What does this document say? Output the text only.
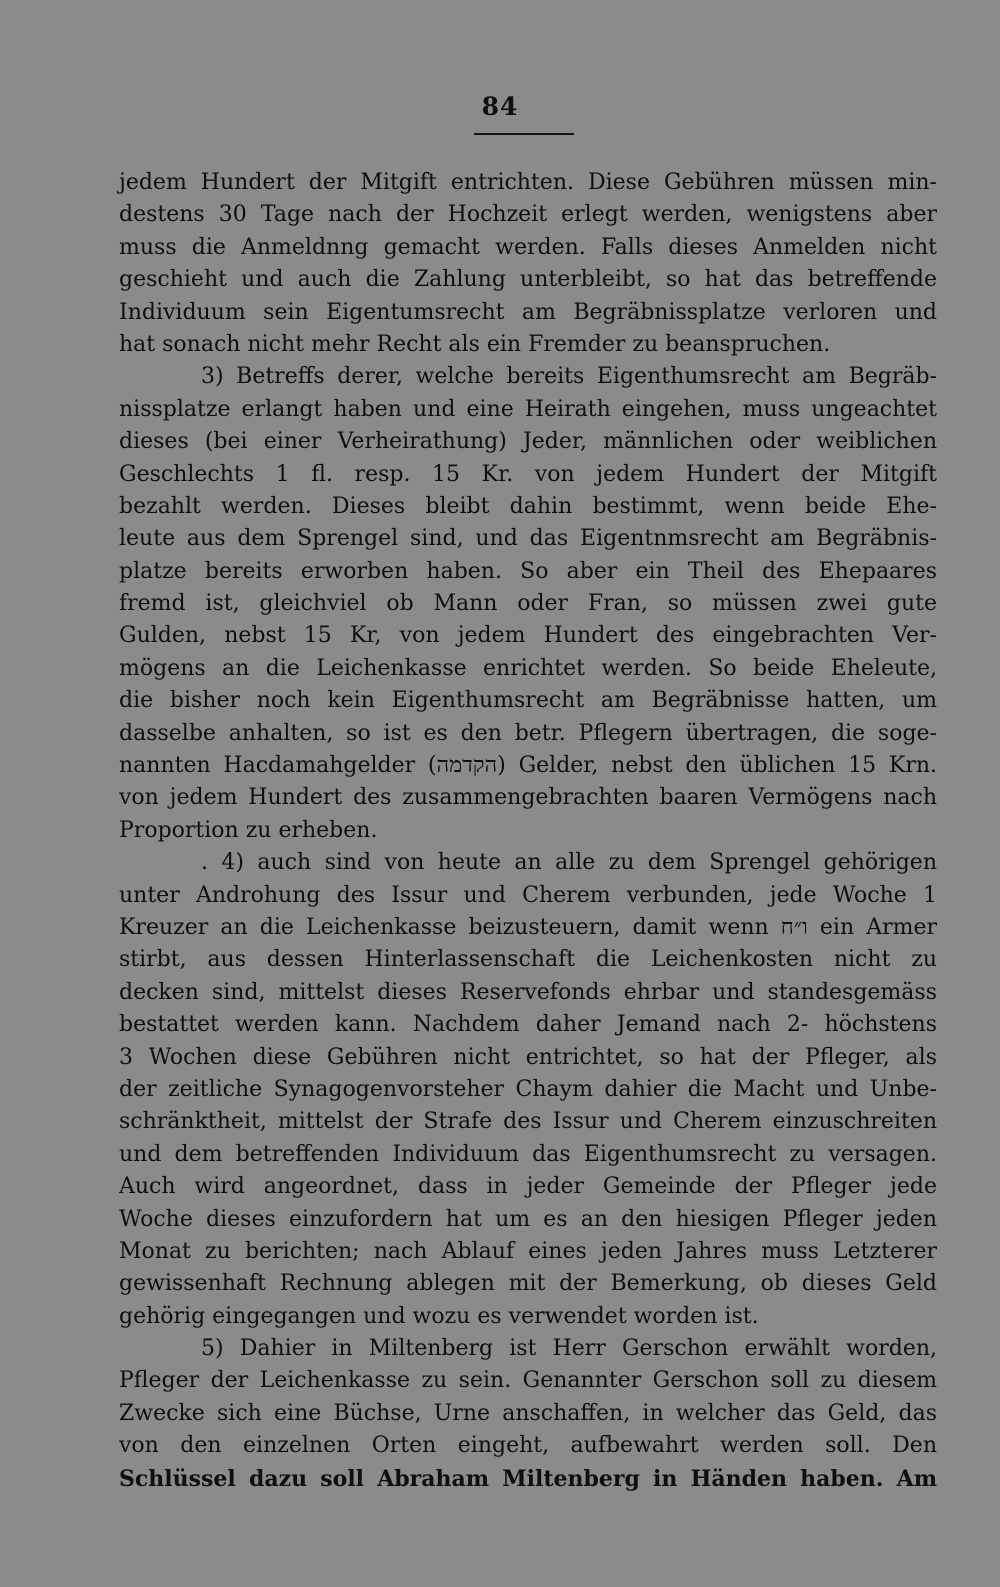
84
jedem Hundert der Mitgift entrichten. Diese Gebühren müssen min-
destens 30 Tage nach der Hochzeit erlegt werden, wenigstens aber
muss die Anmeldnng gemacht werden. Falls dieses Anmelden nicht
geschieht und auch die Zahlung unterbleibt, so hat das betreffende
Individuum sein Eigentumsrecht am Begräbnissplatze verloren und
hat sonach nicht mehr Recht als ein Fremder zu beanspruchen.
3) Betreffs derer, welche bereits Eigenthumsrecht am Begräb-
nissplatze erlangt haben und eine Heirath eingehen, muss ungeachtet
dieses (bei einer Verheirathung) Jeder, männlichen oder weiblichen
Geschlechts 1 fl. resp. 15 Kr. von jedem Hundert der Mitgift
bezahlt werden. Dieses bleibt dahin bestimmt, wenn beide Ehe-
leute aus dem Sprengel sind, und das Eigentnmsrecht am Begräbnis-
platze bereits erworben haben. So aber ein Theil des Ehepaares
fremd ist, gleichviel ob Mann oder Fran, so müssen zwei gute
Gulden, nebst 15 Kr, von jedem Hundert des eingebrachten Ver-
mögens an die Leichenkasse enrichtet werden. So beide Eheleute,
die bisher noch kein Eigenthumsrecht am Begräbnisse hatten, um
dasselbe anhalten, so ist es den betr. Pflegern übertragen, die soge-
nannten Hacdamahgelder (הקדמה) Gelder, nebst den üblichen 15 Krn.
von jedem Hundert des zusammengebrachten baaren Vermögens nach
Proportion zu erheben.
. 4) auch sind von heute an alle zu dem Sprengel gehörigen
unter Androhung des Issur und Cherem verbunden, jede Woche 1
Kreuzer an die Leichenkasse beizusteuern, damit wenn ו״ח ein Armer
stirbt, aus dessen Hinterlassenschaft die Leichenkosten nicht zu
decken sind, mittelst dieses Reservefonds ehrbar und standesgemäss
bestattet werden kann. Nachdem daher Jemand nach 2- höchstens
3 Wochen diese Gebühren nicht entrichtet, so hat der Pfleger, als
der zeitliche Synagogenvorsteher Chaym dahier die Macht und Unbe-
schränktheit, mittelst der Strafe des Issur und Cherem einzuschreiten
und dem betreffenden Individuum das Eigenthumsrecht zu versagen.
Auch wird angeordnet, dass in jeder Gemeinde der Pfleger jede
Woche dieses einzufordern hat um es an den hiesigen Pfleger jeden
Monat zu berichten; nach Ablauf eines jeden Jahres muss Letzterer
gewissenhaft Rechnung ablegen mit der Bemerkung, ob dieses Geld
gehörig eingegangen und wozu es verwendet worden ist.
5) Dahier in Miltenberg ist Herr Gerschon erwählt worden,
Pfleger der Leichenkasse zu sein. Genannter Gerschon soll zu diesem
Zwecke sich eine Büchse, Urne anschaffen, in welcher das Geld, das
von den einzelnen Orten eingeht, aufbewahrt werden soll. Den
Schlüssel dazu soll Abraham Miltenberg in Händen haben. Am
